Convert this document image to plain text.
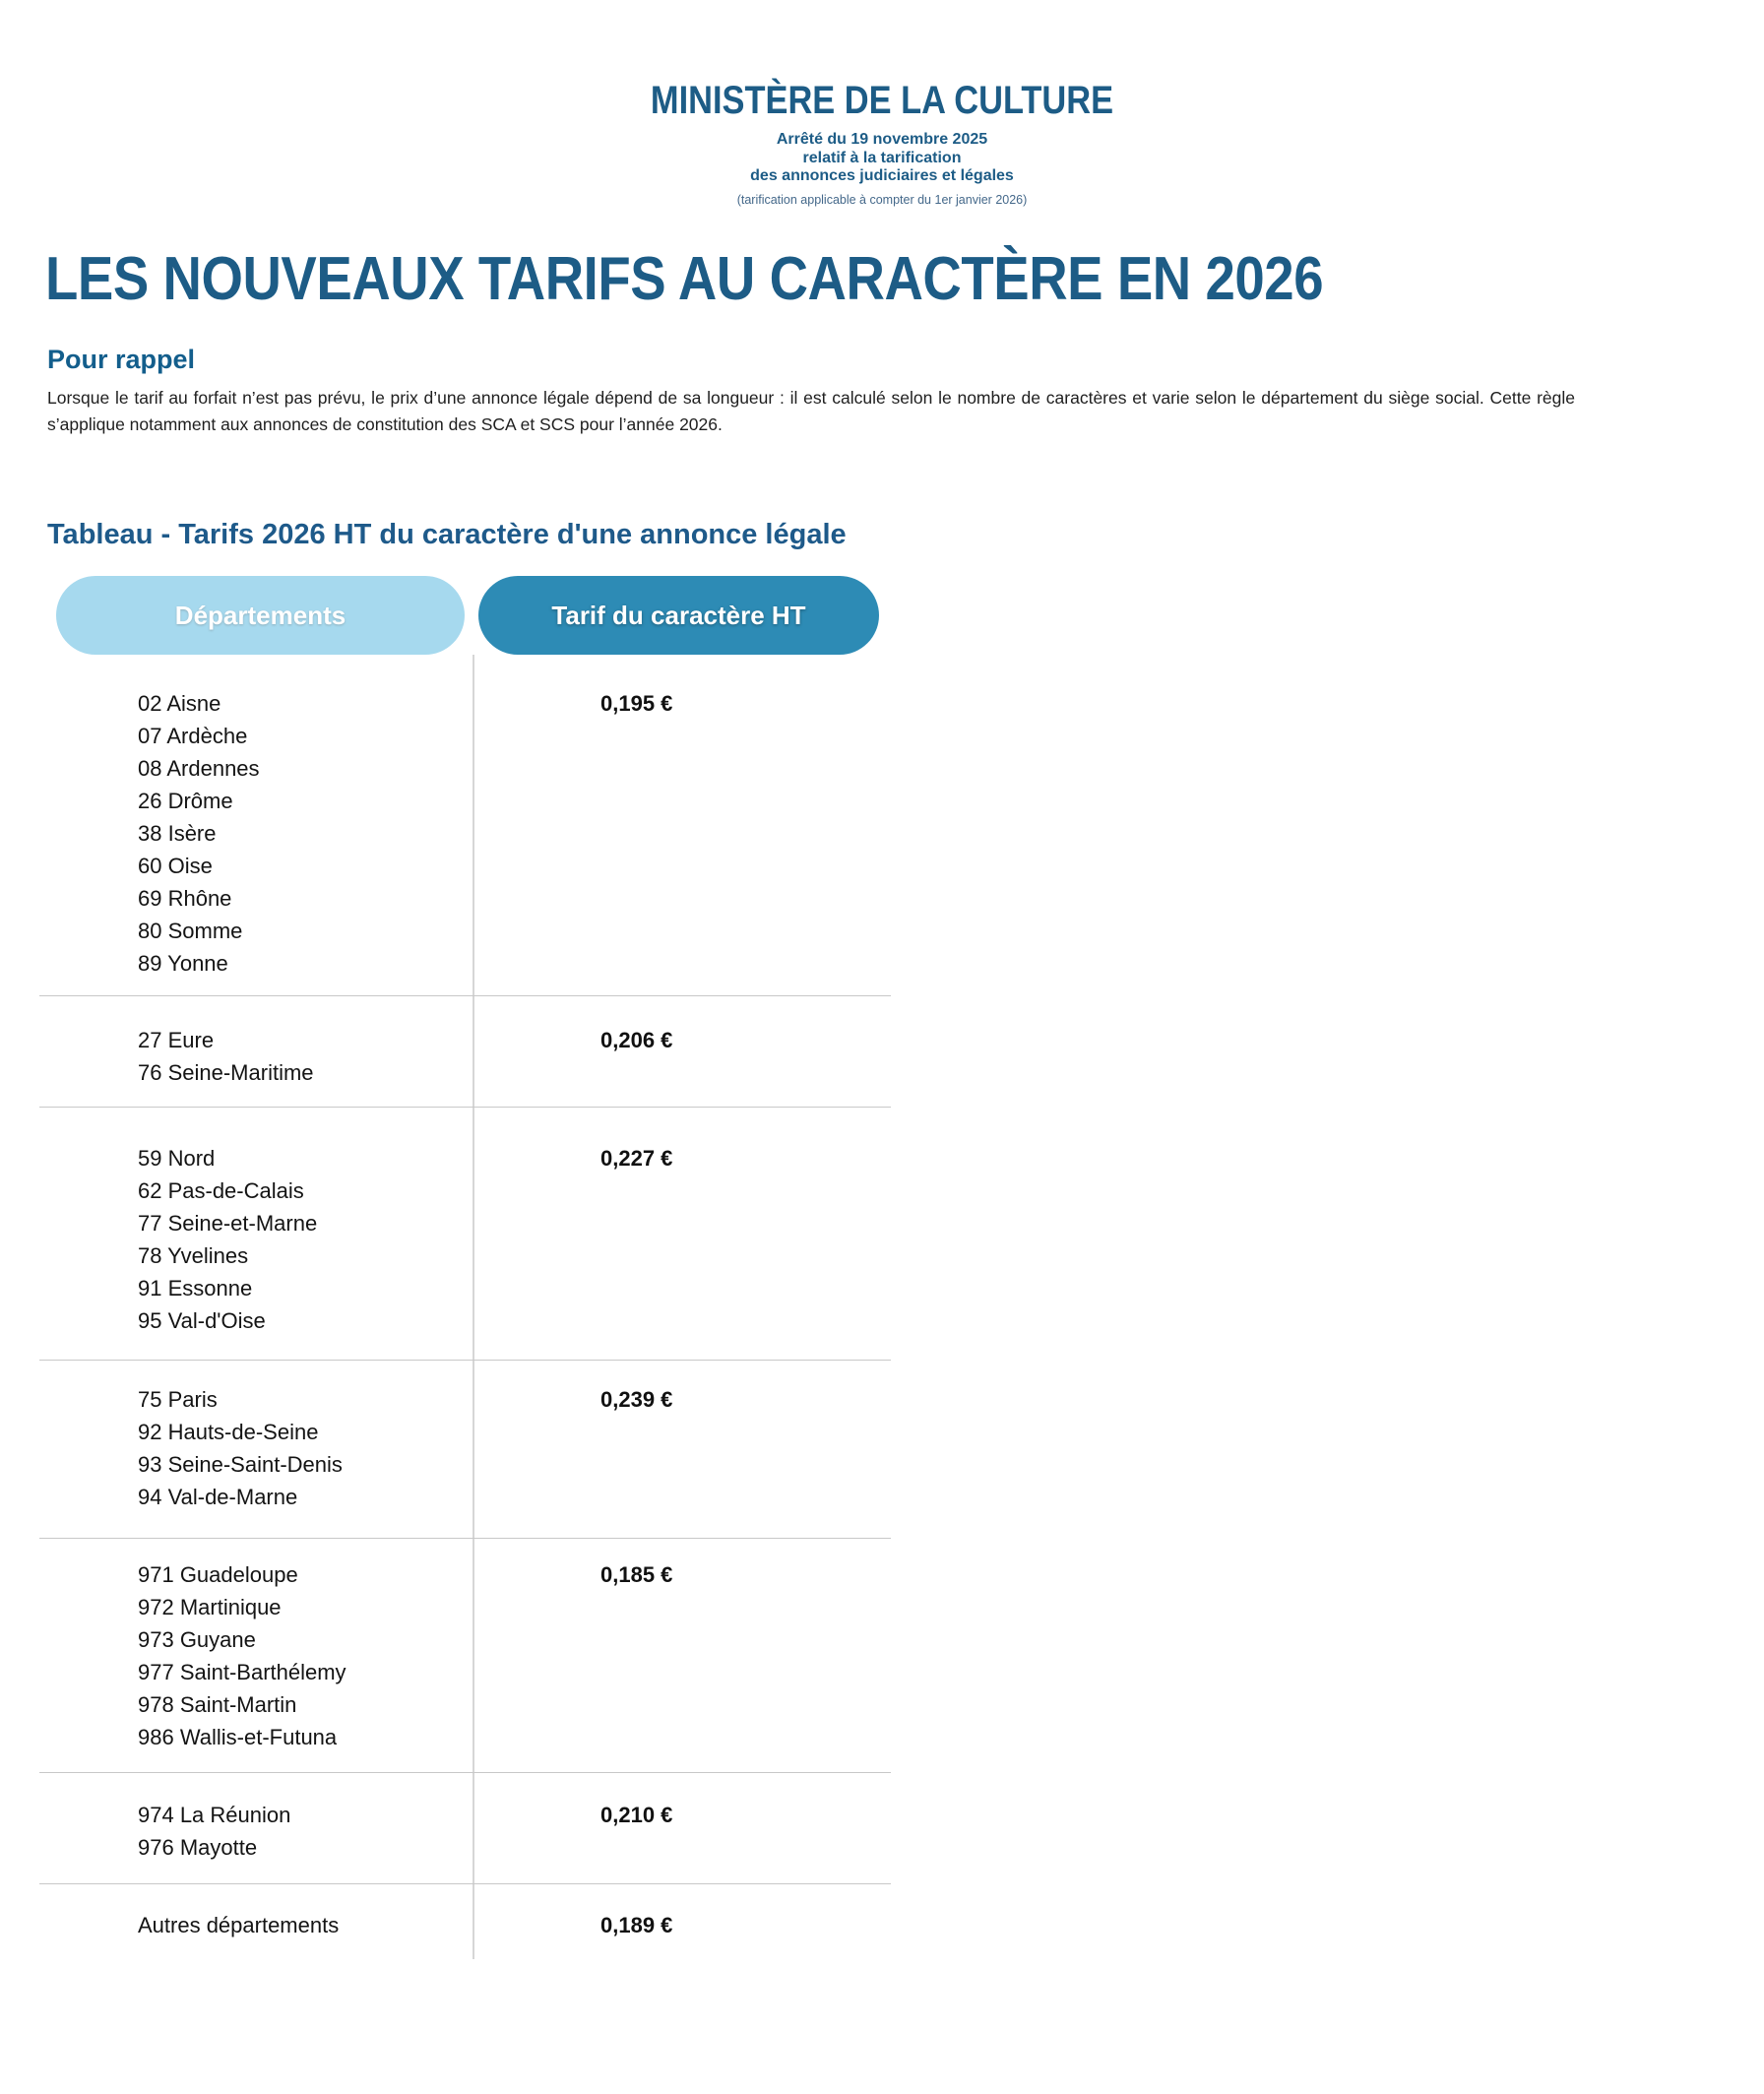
MINISTÈRE DE LA CULTURE
Arrêté du 19 novembre 2025
relatif à la tarification
des annonces judiciaires et légales
(tarification applicable à compter du 1er janvier 2026)
LES NOUVEAUX TARIFS AU CARACTÈRE EN 2026
Pour rappel

Lorsque le tarif au forfait n’est pas prévu, le prix d’une annonce légale dépend de sa longueur : il est calculé selon le nombre de caractères et varie selon le département du siège social. Cette règle s’applique notamment aux annonces de constitution des SCA et SCS pour l’année 2026.

Tableau - Tarifs 2026 HT du caractère d'une annonce légale
Départements	Tarif du caractère HT
02 Aisne
07 Ardèche
08 Ardennes
26 Drôme
38 Isère
60 Oise
69 Rhône
80 Somme
89 Yonne
0,195 €
27 Eure
76 Seine-Maritime
0,206 €
59 Nord
62 Pas-de-Calais
77 Seine-et-Marne
78 Yvelines
91 Essonne
95 Val-d'Oise
0,227 €
75 Paris
92 Hauts-de-Seine
93 Seine-Saint-Denis
94 Val-de-Marne
0,239 €
971 Guadeloupe
972 Martinique
973 Guyane
977 Saint-Barthélemy
978 Saint-Martin
986 Wallis-et-Futuna
0,185 €
974 La Réunion
976 Mayotte
0,210 €
Autres départements	0,189 €
